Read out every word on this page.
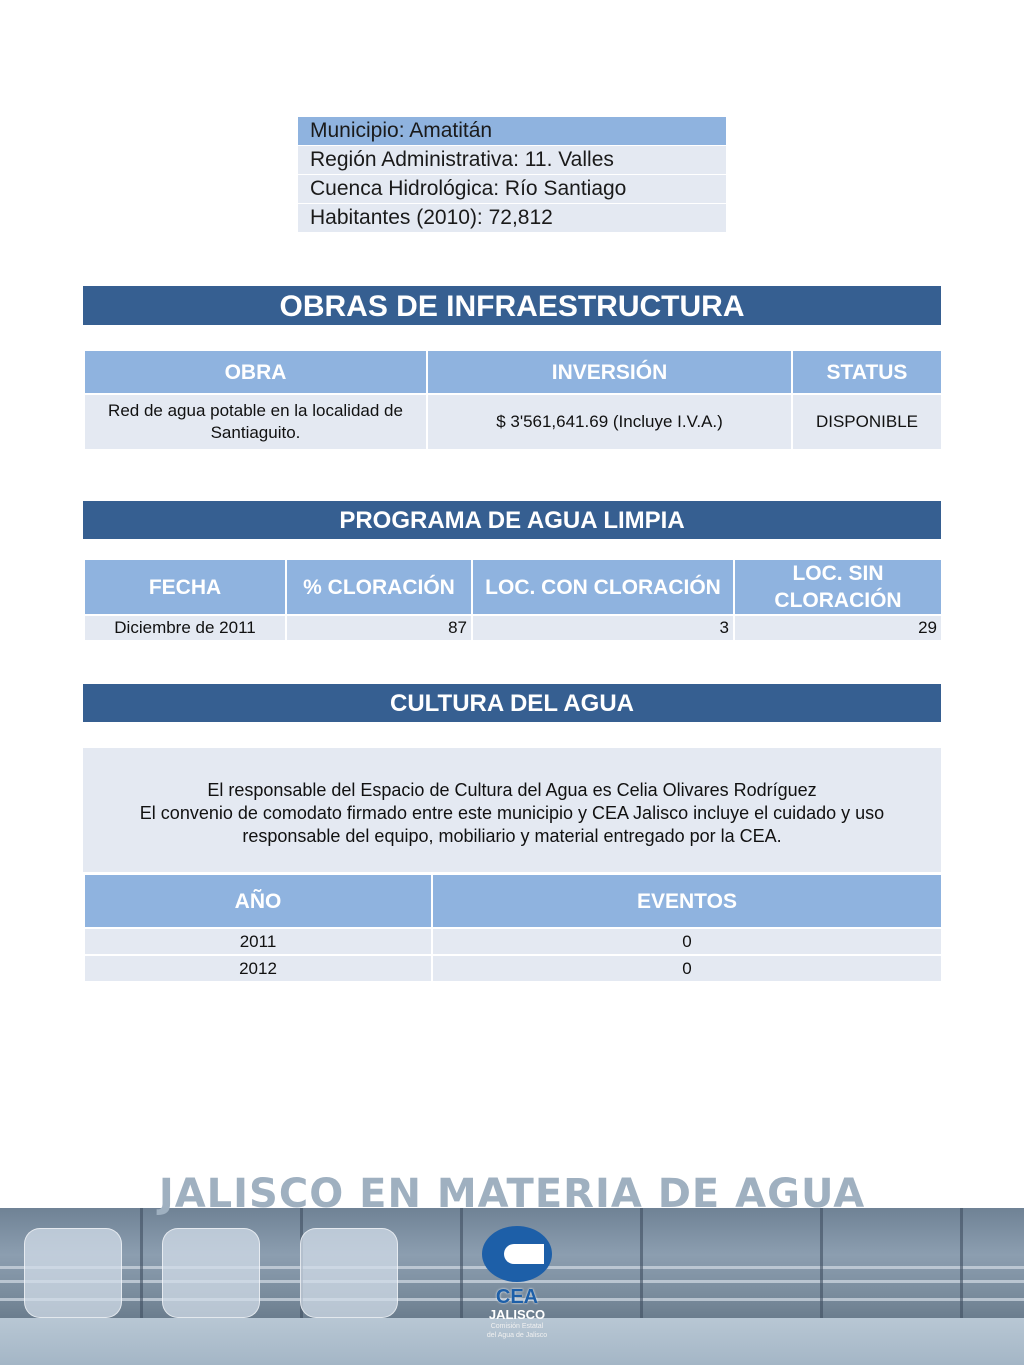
Municipio: Amatitán
Región Administrativa: 11. Valles
Cuenca Hidrológica: Río Santiago
Habitantes (2010): 72,812
OBRAS DE INFRAESTRUCTURA
OBRA	INVERSIÓN	STATUS
Red de agua potable en la localidad de Santiaguito.	$ 3'561,641.69 (Incluye I.V.A.)	DISPONIBLE
PROGRAMA DE AGUA LIMPIA
FECHA	% CLORACIÓN	LOC. CON CLORACIÓN	LOC. SIN CLORACIÓN
Diciembre de 2011	87	3	29
CULTURA DEL AGUA
El responsable del Espacio de Cultura del Agua es Celia Olivares Rodríguez
El convenio de comodato firmado entre este municipio y CEA Jalisco incluye el cuidado y uso responsable del equipo, mobiliario y material entregado por la CEA.
AÑO	EVENTOS
2011	0
2012	0
JALISCO EN MATERIA DE AGUA
CEA
JALISCO
Comisión Estatal
del Agua de Jalisco
